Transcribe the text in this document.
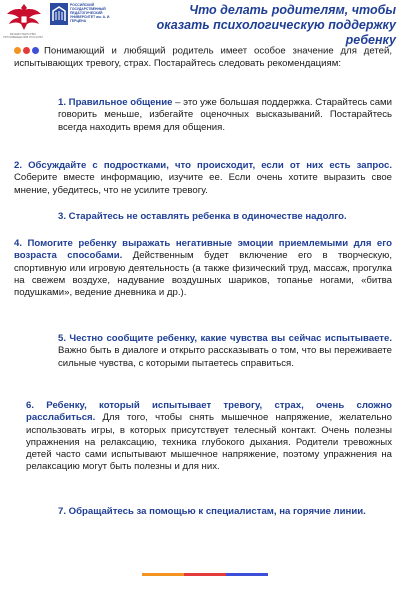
МИНИСТЕРСТВО ПРОСВЕЩЕНИЯ РОССИИ
РОССИЙСКИЙ ГОСУДАРСТВЕННЫЙ ПЕДАГОГИЧЕСКИЙ УНИВЕРСИТЕТ им. А. И. ГЕРЦЕНА
Что делать родителям, чтобы оказать психологическую поддержку ребенку
Понимающий и любящий родитель имеет особое значение для детей, испытывающих тревогу, страх. Постарайтесь следовать рекомендациям:
1. Правильное общение – это уже большая поддержка. Старайтесь сами говорить меньше, избегайте оценочных высказываний. Постарайтесь всегда находить время для общения.
2. Обсуждайте с подростками, что происходит, если от них есть запрос. Соберите вместе информацию, изучите ее. Если очень хотите выразить свое мнение, убедитесь, что не усилите тревогу.
3. Старайтесь не оставлять ребенка в одиночестве надолго.
4. Помогите ребенку выражать негативные эмоции приемлемыми для его возраста способами. Действенным будет включение его в творческую, спортивную или игровую деятельность (а также физический труд, массаж, прогулка на свежем воздухе, надувание воздушных шариков, топанье ногами, «битва подушками», ведение дневника и др.).
5. Честно сообщите ребенку, какие чувства вы сейчас испытываете. Важно быть в диалоге и открыто рассказывать о том, что вы переживаете сильные чувства, с которыми пытаетесь справиться.
6. Ребенку, который испытывает тревогу, страх, очень сложно расслабиться. Для того, чтобы снять мышечное напряжение, желательно использовать игры, в которых присутствует телесный контакт. Очень полезны упражнения на релаксацию, техника глубокого дыхания. Родители тревожных детей часто сами испытывают мышечное напряжение, поэтому упражнения на релаксацию могут быть полезны и для них.
7. Обращайтесь за помощью к специалистам, на горячие линии.
